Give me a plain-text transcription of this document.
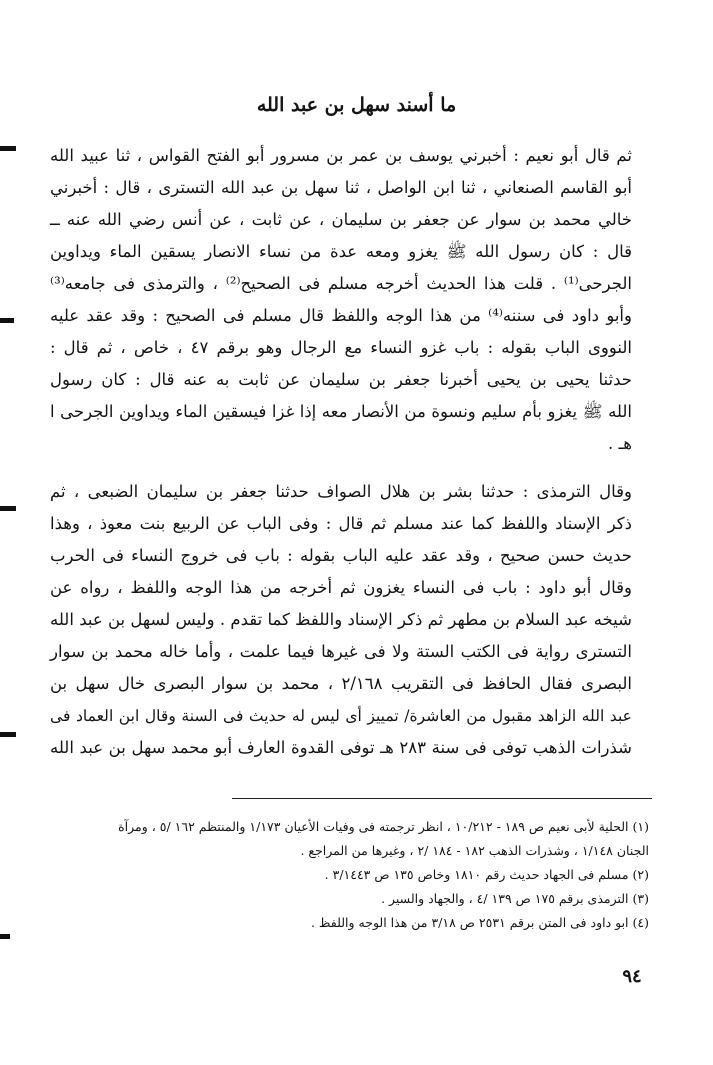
ما أسند سهل بن عبد الله
ثم قال أبو نعيم : أخبرني يوسف بن عمر بن مسرور أبو الفتح القواس ، ثنا عبيد الله
أبو القاسم الصنعاني ، ثنا ابن الواصل ، ثنا سهل بن عبد الله التسترى ، قال : أخبرني
خالي محمد بن سوار عن جعفر بن سليمان ، عن ثابت ، عن أنس رضي الله عنه ــ
قال : كان رسول الله ﷺ يغزو ومعه عدة من نساء الانصار يسقين الماء ويداوين
الجرحى⁽¹⁾ . قلت هذا الحديث أخرجه مسلم فى الصحيح⁽²⁾ ، والترمذى فى جامعه⁽³⁾
وأبو داود فى سننه⁽⁴⁾ من هذا الوجه واللفظ قال مسلم فى الصحيح : وقد عقد عليه
النووى الباب بقوله : باب غزو النساء مع الرجال وهو برقم ٤٧ ، خاص ، ثم قال :
حدثنا يحيى بن يحيى أخبرنا جعفر بن سليمان عن ثابت به عنه قال : كان رسول
الله ﷺ يغزو بأم سليم ونسوة من الأنصار معه إذا غزا فيسقين الماء ويداوين الجرحى ا
هـ .
وقال الترمذى : حدثنا بشر بن هلال الصواف حدثنا جعفر بن سليمان الضبعى ، ثم
ذكر الإسناد واللفظ كما عند مسلم ثم قال : وفى الباب عن الربيع بنت معوذ ، وهذا
حديث حسن صحيح ، وقد عقد عليه الباب بقوله : باب فى خروج النساء فى الحرب
وقال أبو داود : باب فى النساء يغزون ثم أخرجه من هذا الوجه واللفظ ، رواه عن
شيخه عبد السلام بن مطهر ثم ذكر الإسناد واللفظ كما تقدم . وليس لسهل بن عبد الله
التسترى رواية فى الكتب الستة ولا فى غيرها فيما علمت ، وأما خاله محمد بن سوار
البصرى فقال الحافظ فى التقريب ٢/١٦٨ ، محمد بن سوار البصرى خال سهل بن
عبد الله الزاهد مقبول من العاشرة/ تمييز أى ليس له حديث فى السنة وقال ابن العماد فى
شذرات الذهب توفى فى سنة ٢٨٣ هـ توفى القدوة العارف أبو محمد سهل بن عبد الله
(١) الحلية لأبى نعيم ص ١٨٩ - ١٠/٢١٢ ، انظر ترجمته فى وفيات الأعيان ١/١٧٣ والمنتظم ١٦٢ /٥ ، ومرآة
الجنان ١/١٤٨ ، وشذرات الذهب ١٨٢ - ١٨٤ /٢ ، وغيرها من المراجع .
(٢) مسلم فى الجهاد حديث رقم ١٨١٠ وخاص ١٣٥ ص ٣/١٤٤٣ .
(٣) الترمذى برقم ١٧٥ ص ١٣٩ /٤ ، والجهاد والسير .
(٤) ابو داود فى المتن برقم ٢٥٣١ ص ٣/١٨ من هذا الوجه واللفظ .
٩٤
